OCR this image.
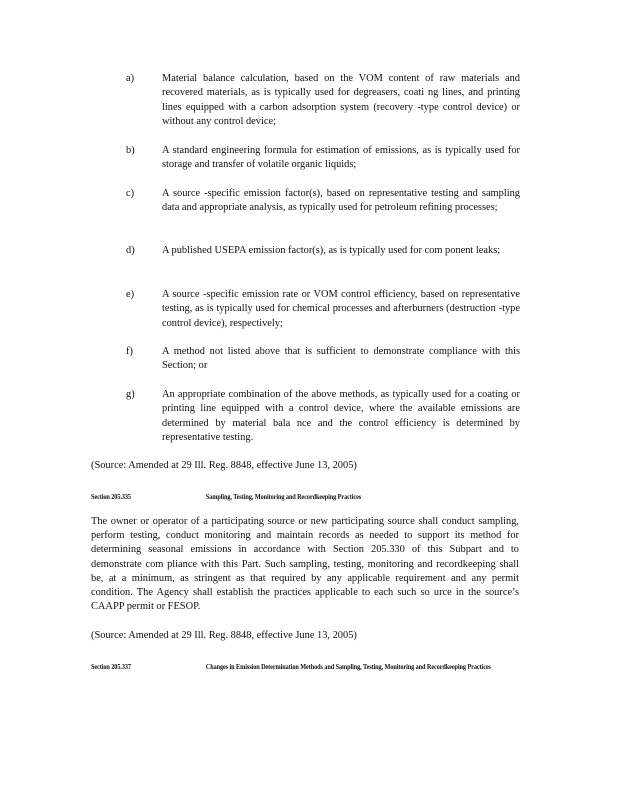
a)	Material balance calculation, based on the VOM content of raw materials and recovered materials, as is typically used for degreasers, coati ng lines, and printing lines equipped with a carbon adsorption system (recovery -type control device) or without any control device;
b)	A standard engineering formula for estimation of emissions, as is typically used for storage and transfer of volatile organic liquids;
c)	A source -specific emission factor(s), based on representative testing and sampling data and appropriate analysis, as typically used for petroleum refining processes;
d)	A published USEPA emission factor(s), as is typically used for com ponent leaks;
e)	A source -specific emission rate or VOM control efficiency, based on representative testing, as is typically used for chemical processes and afterburners (destruction -type control device), respectively;
f)	A method not listed above that is sufficient to demonstrate compliance with this Section; or
g)	An appropriate combination of the above methods, as typically used for a coating or printing line equipped with a control device, where the available emissions are determined by material bala nce and the control efficiency is determined by representative testing.
(Source: Amended at 29 Ill. Reg. 8848, effective June 13, 2005)
Section 205.335	Sampling, Testing, Monitoring and Recordkeeping Practices
The owner or operator of a participating source or new participating source shall conduct sampling, perform testing, conduct monitoring and maintain records as needed to support its method for determining seasonal emissions in accordance with Section 205.330 of this Subpart and to demonstrate com pliance with this Part. Such sampling, testing, monitoring and recordkeeping shall be, at a minimum, as stringent as that required by any applicable requirement and any permit condition. The Agency shall establish the practices applicable to each such so urce in the source’s CAAPP permit or FESOP.
(Source: Amended at 29 Ill. Reg. 8848, effective June 13, 2005)
Section 205.337	Changes in Emission Determination Methods and Sampling, Testing, Monitoring and Recordkeeping Practices
